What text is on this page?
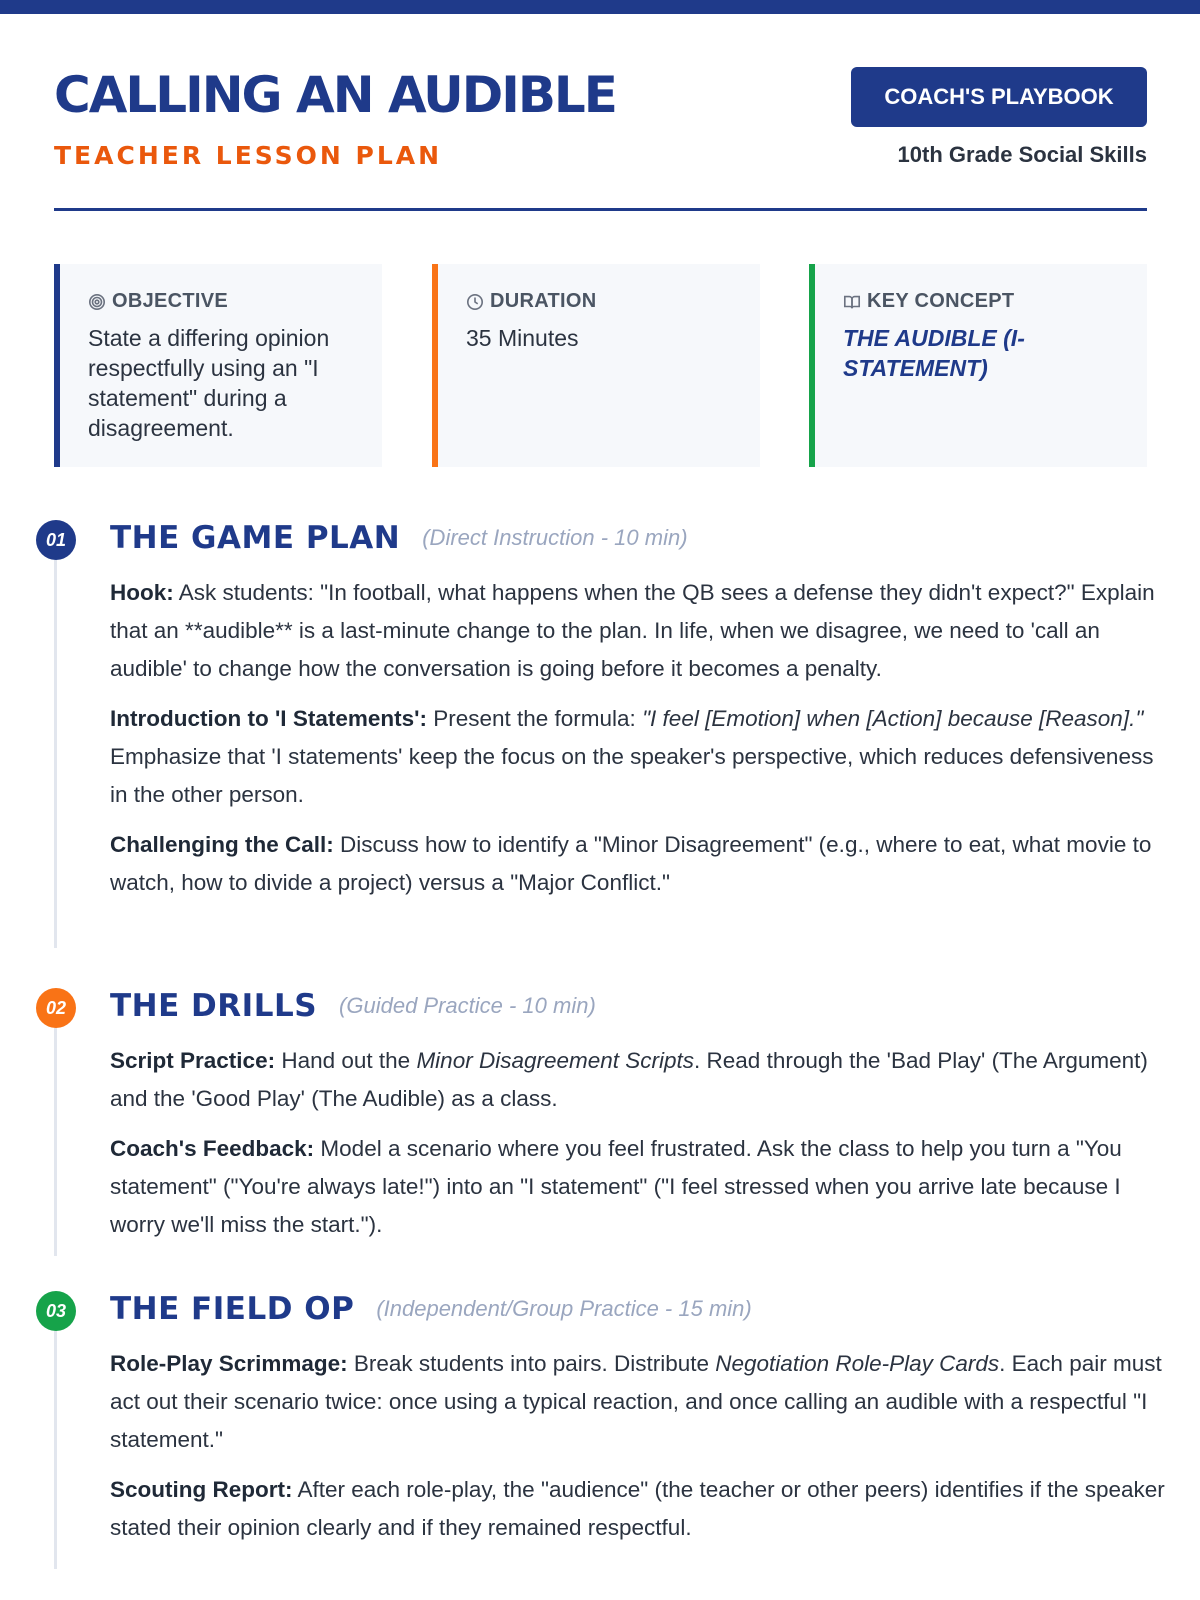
CALLING AN AUDIBLE
TEACHER LESSON PLAN
COACH'S PLAYBOOK
10th Grade Social Skills
OBJECTIVE
State a differing opinion respectfully using an "I statement" during a disagreement.
DURATION
35 Minutes
KEY CONCEPT
THE AUDIBLE (I-STATEMENT)
01	THE GAME PLAN (Direct Instruction - 10 min)

Hook: Ask students: "In football, what happens when the QB sees a defense they didn't expect?" Explain that an **audible** is a last-minute change to the plan. In life, when we disagree, we need to 'call an audible' to change how the conversation is going before it becomes a penalty.

Introduction to 'I Statements': Present the formula: "I feel [Emotion] when [Action] because [Reason]." Emphasize that 'I statements' keep the focus on the speaker's perspective, which reduces defensiveness in the other person.

Challenging the Call: Discuss how to identify a "Minor Disagreement" (e.g., where to eat, what movie to watch, how to divide a project) versus a "Major Conflict."

02	THE DRILLS (Guided Practice - 10 min)

Script Practice: Hand out the Minor Disagreement Scripts. Read through the 'Bad Play' (The Argument) and the 'Good Play' (The Audible) as a class.

Coach's Feedback: Model a scenario where you feel frustrated. Ask the class to help you turn a "You statement" ("You're always late!") into an "I statement" ("I feel stressed when you arrive late because I worry we'll miss the start.").

03	THE FIELD OP (Independent/Group Practice - 15 min)

Role-Play Scrimmage: Break students into pairs. Distribute Negotiation Role-Play Cards. Each pair must act out their scenario twice: once using a typical reaction, and once calling an audible with a respectful "I statement."

Scouting Report: After each role-play, the "audience" (the teacher or other peers) identifies if the speaker stated their opinion clearly and if they remained respectful.
